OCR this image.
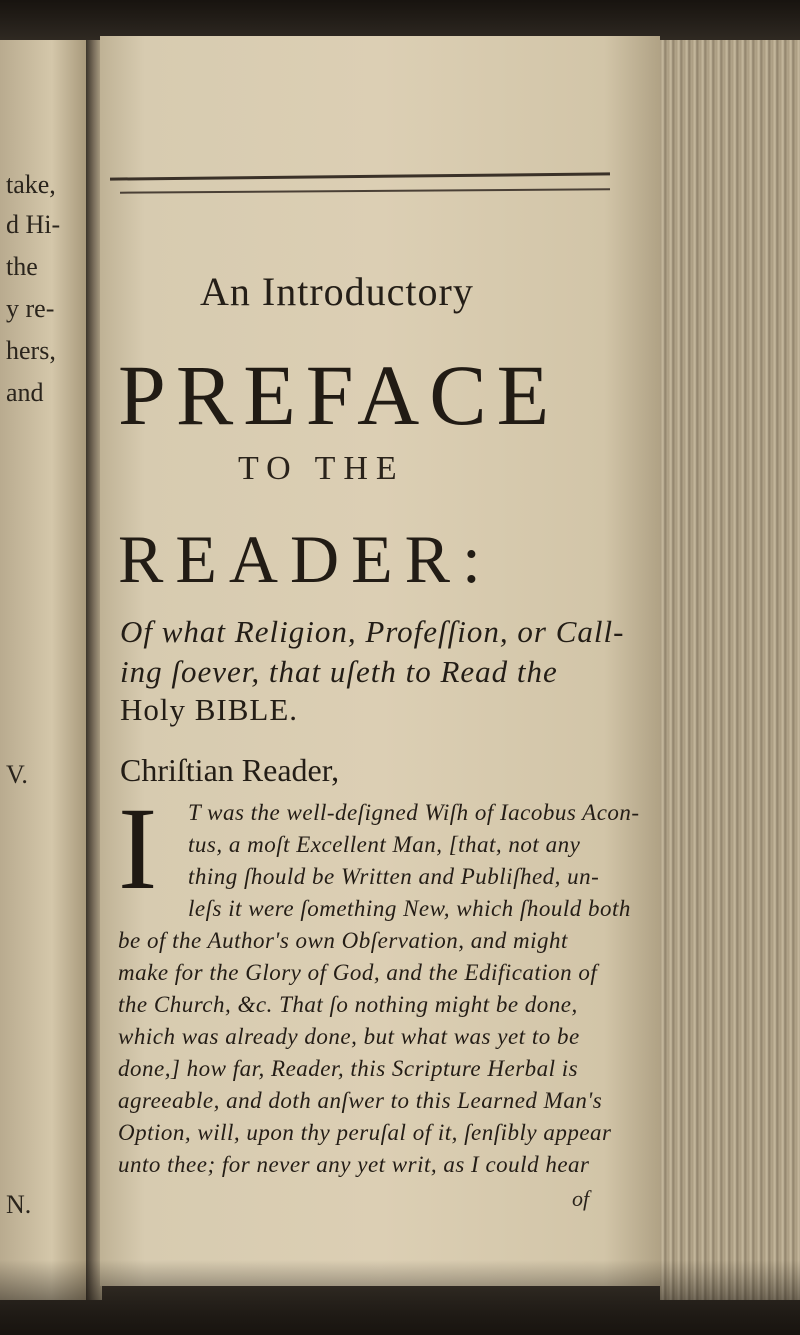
take,
d Hi-
the
y re-
hers,
and
V.
N.
An Introductory
PREFACE
TO THE
READER:
Of what Religion, Profeſſion, or Call-
ing ſoever, that uſeth to Read the
Holy BIBLE.
Chriſtian Reader,
I T was the well-deſigned Wiſh of Iacobus Acon-
tus, a moſt Excellent Man, [that, not any
thing ſhould be Written and Publiſhed, un-
leſs it were ſomething New, which ſhould both
be of the Author's own Obſervation, and might
make for the Glory of God, and the Edification of
the Church, &c. That ſo nothing might be done,
which was already done, but what was yet to be
done,] how far, Reader, this Scripture Herbal is
agreeable, and doth anſwer to this Learned Man's
Option, will, upon thy peruſal of it, ſenſibly appear
unto thee; for never any yet writ, as I could hear
of
